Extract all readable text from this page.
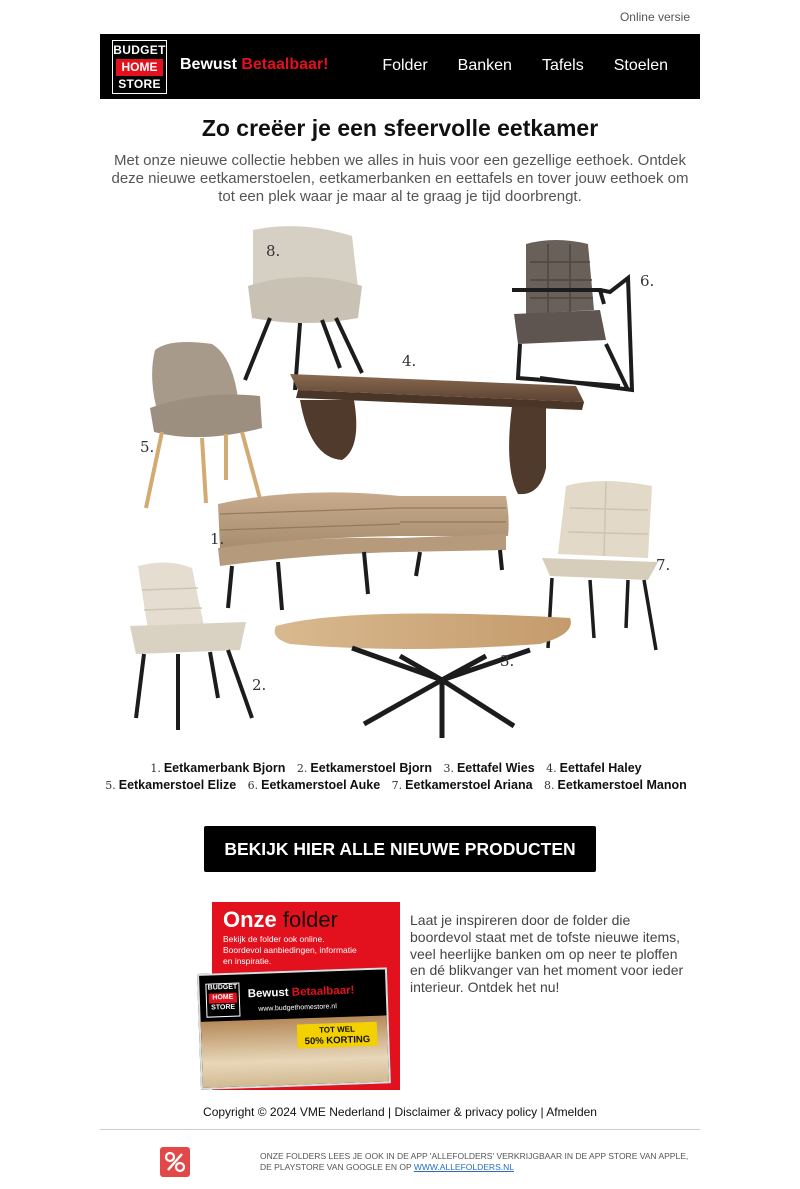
Online versie
BUDGET
HOME
STORE
Bewust Betaalbaar!	Folder Banken Tafels Stoelen
Zo creëer je een sfeervolle eetkamer

Met onze nieuwe collectie hebben we alles in huis voor een gezellige eethoek. Ontdek deze nieuwe eetkamerstoelen, eetkamerbanken en eettafels en tover jouw eethoek om tot een plek waar je maar al te graag je tijd doorbrengt.

8.
6.
4.
5.
1.
7.
3.
2.
1. Eetkamerbank Bjorn 2. Eetkamerstoel Bjorn 3. Eettafel Wies 4. Eettafel Haley
5. Eetkamerstoel Elize 6. Eetkamerstoel Auke 7. Eetkamerstoel Ariana 8. Eetkamerstoel Manon
BEKIJK HIER ALLE NIEUWE PRODUCTEN
Onze folder
Bekijk de folder ook online. Boordevol aanbiedingen, informatie en inspiratie.
BUDGET
HOME
STORE
Bewust Betaalbaar!
www.budgethomestore.nl
TOT WEL
50% KORTING

Laat je inspireren door de folder die boordevol staat met de tofste nieuwe items, veel heerlijke banken om op neer te ploffen en dé blikvanger van het moment voor ieder interieur. Ontdek het nu!

Copyright © 2024 VME Nederland | Disclaimer & privacy policy | Afmelden
ONZE FOLDERS LEES JE OOK IN DE APP 'ALLEFOLDERS' VERKRIJGBAAR IN DE APP STORE VAN APPLE, DE PLAYSTORE VAN GOOGLE EN OP WWW.ALLEFOLDERS.NL
